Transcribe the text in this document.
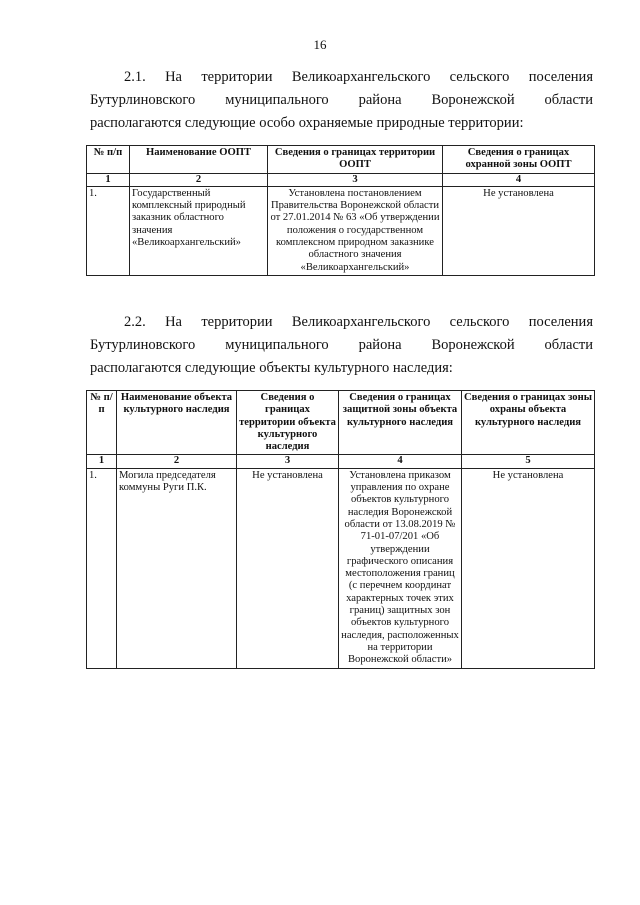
16
2.1. На территории Великоархангельского сельского поселения
Бутурлиновского муниципального района Воронежской области
располагаются следующие особо охраняемые природные территории:
№ п/п	Наименование ООПТ	Сведения о границах территории ООПТ	Сведения о границах охранной зоны ООПТ
1	2	3	4
1.	Государственный комплексный природный заказник областного значения «Великоархангельский»	Установлена постановлением Правительства Воронежской области от 27.01.2014 № 63 «Об утверждении положения о государственном комплексном природном заказнике областного значения «Великоархангельский»	Не установлена
2.2. На территории Великоархангельского сельского поселения
Бутурлиновского муниципального района Воронежской области
располагаются следующие объекты культурного наследия:
№ п/п	Наименование объекта культурного наследия	Сведения о границах территории объекта культурного наследия	Сведения о границах защитной зоны объекта культурного наследия	Сведения о границах зоны охраны объекта культурного наследия
1	2	3	4	5
1.	Могила председателя коммуны Руги П.К.	Не установлена	Установлена приказом управления по охране объектов культурного наследия Воронежской области от 13.08.2019 № 71-01-07/201 «Об утверждении графического описания местоположения границ (с перечнем координат характерных точек этих границ) защитных зон объектов культурного наследия, расположенных на территории Воронежской области»	Не установлена
